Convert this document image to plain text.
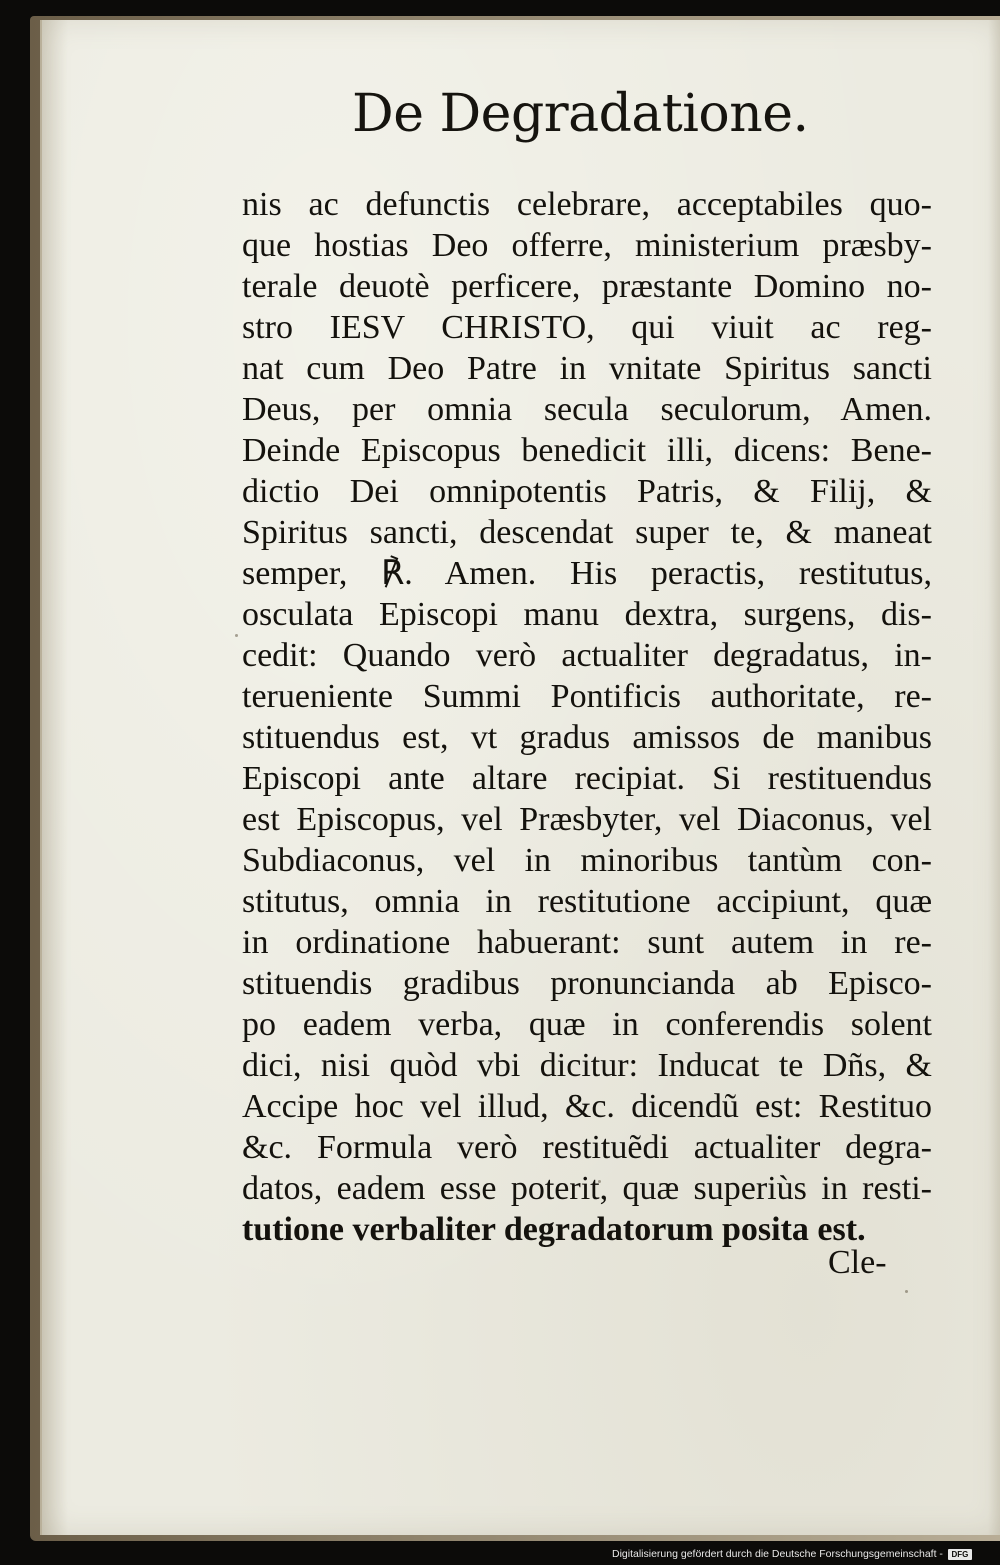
De Degradatione.
nis ac defunctis celebrare, acceptabiles quo-
que hostias Deo offerre, ministerium præsby-
terale deuotè perficere, præstante Domino no-
stro IESV CHRISTO, qui viuit ac reg-
nat cum Deo Patre in vnitate Spiritus sancti
Deus, per omnia secula seculorum, Amen.
Deinde Episcopus benedicit illi, dicens: Bene-
dictio Dei omnipotentis Patris, & Filij, &
Spiritus sancti, descendat super te, & maneat
semper, ℟. Amen. His peractis, restitutus,
osculata Episcopi manu dextra, surgens, dis-
cedit: Quando verò actualiter degradatus, in-
terueniente Summi Pontificis authoritate, re-
stituendus est, vt gradus amissos de manibus
Episcopi ante altare recipiat. Si restituendus
est Episcopus, vel Præsbyter, vel Diaconus, vel
Subdiaconus, vel in minoribus tantùm con-
stitutus, omnia in restitutione accipiunt, quæ
in ordinatione habuerant: sunt autem in re-
stituendis gradibus pronuncianda ab Episco-
po eadem verba, quæ in conferendis solent
dici, nisi quòd vbi dicitur: Inducat te Dñs, &
Accipe hoc vel illud, &c. dicendũ est: Restituo
&c. Formula verò restituẽdi actualiter degra-
datos, eadem esse poterit, quæ superiùs in resti-
tutione verbaliter degradatorum posita est.
Cle-
Digitalisierung gefördert durch die Deutsche Forschungsgemeinschaft -	DFG
